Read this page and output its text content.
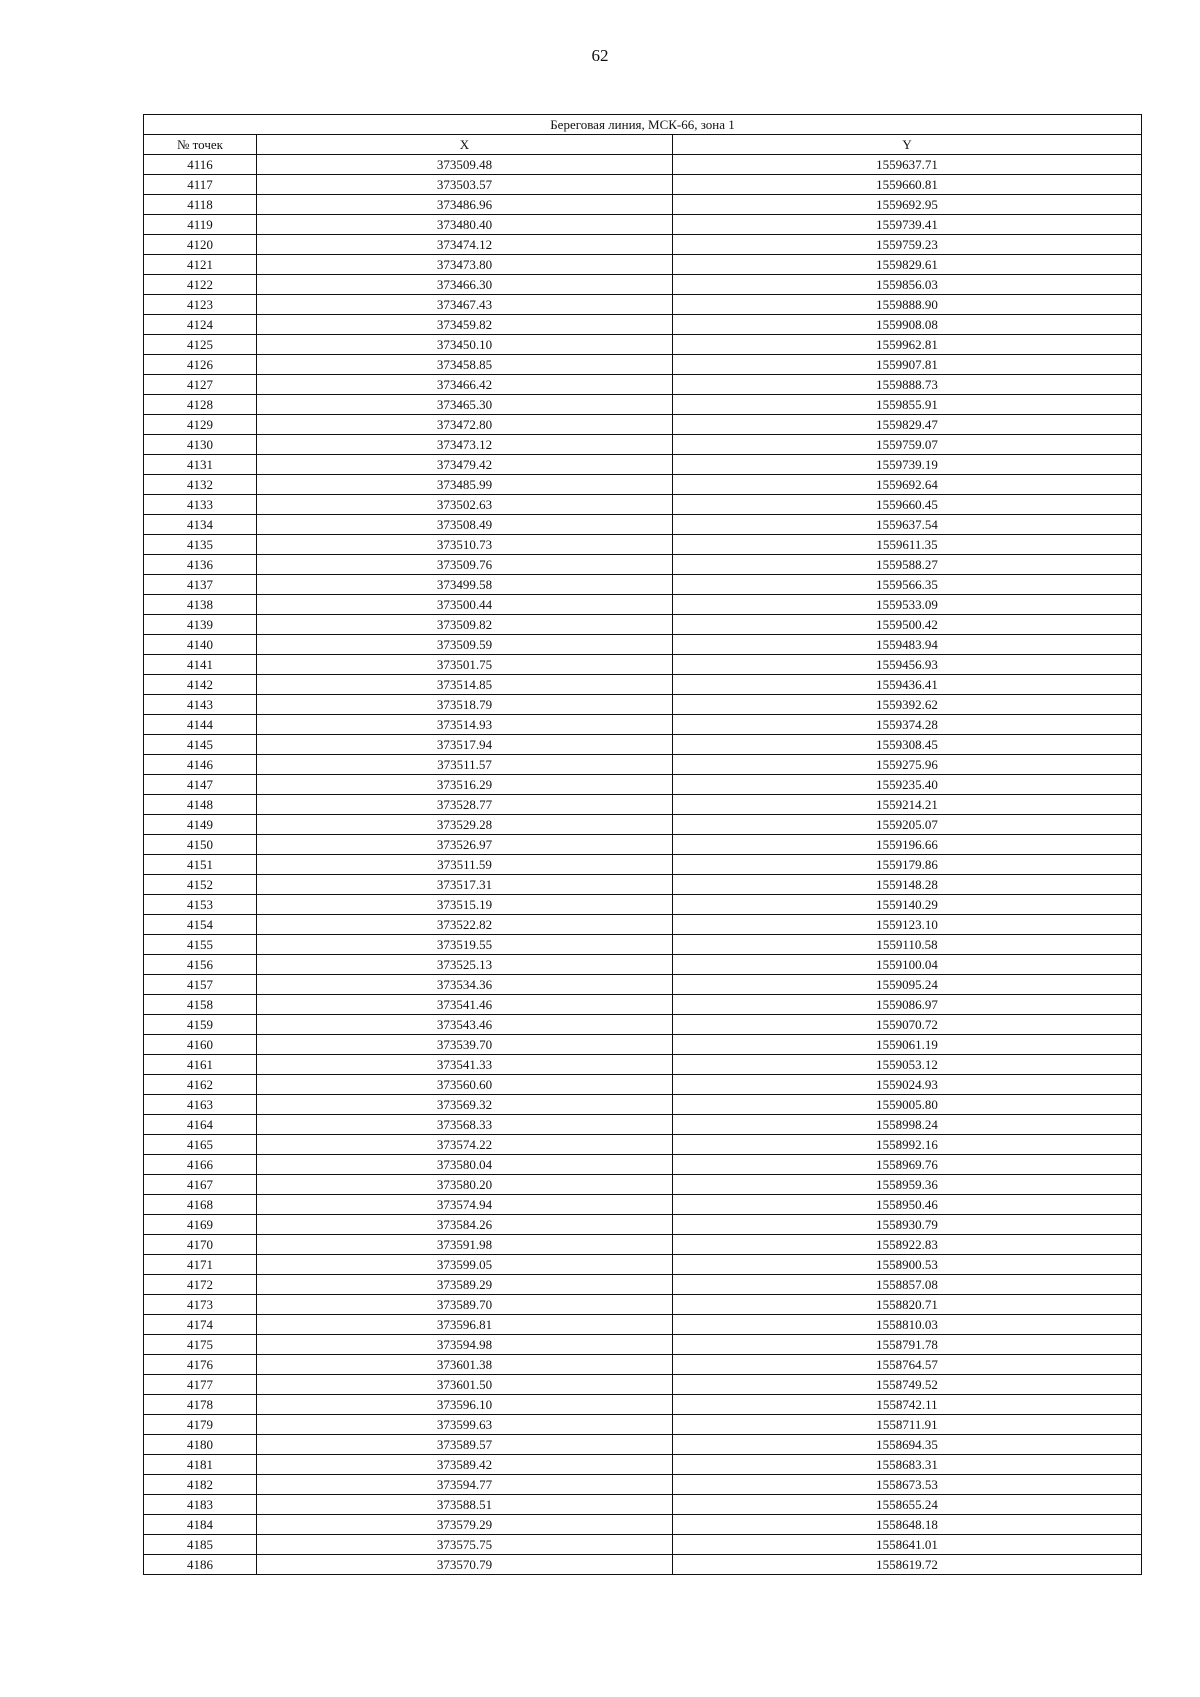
62
Береговая линия, МСК-66, зона 1		
№ точек	X	Y
4116	373509.48	1559637.71
4117	373503.57	1559660.81
4118	373486.96	1559692.95
4119	373480.40	1559739.41
4120	373474.12	1559759.23
4121	373473.80	1559829.61
4122	373466.30	1559856.03
4123	373467.43	1559888.90
4124	373459.82	1559908.08
4125	373450.10	1559962.81
4126	373458.85	1559907.81
4127	373466.42	1559888.73
4128	373465.30	1559855.91
4129	373472.80	1559829.47
4130	373473.12	1559759.07
4131	373479.42	1559739.19
4132	373485.99	1559692.64
4133	373502.63	1559660.45
4134	373508.49	1559637.54
4135	373510.73	1559611.35
4136	373509.76	1559588.27
4137	373499.58	1559566.35
4138	373500.44	1559533.09
4139	373509.82	1559500.42
4140	373509.59	1559483.94
4141	373501.75	1559456.93
4142	373514.85	1559436.41
4143	373518.79	1559392.62
4144	373514.93	1559374.28
4145	373517.94	1559308.45
4146	373511.57	1559275.96
4147	373516.29	1559235.40
4148	373528.77	1559214.21
4149	373529.28	1559205.07
4150	373526.97	1559196.66
4151	373511.59	1559179.86
4152	373517.31	1559148.28
4153	373515.19	1559140.29
4154	373522.82	1559123.10
4155	373519.55	1559110.58
4156	373525.13	1559100.04
4157	373534.36	1559095.24
4158	373541.46	1559086.97
4159	373543.46	1559070.72
4160	373539.70	1559061.19
4161	373541.33	1559053.12
4162	373560.60	1559024.93
4163	373569.32	1559005.80
4164	373568.33	1558998.24
4165	373574.22	1558992.16
4166	373580.04	1558969.76
4167	373580.20	1558959.36
4168	373574.94	1558950.46
4169	373584.26	1558930.79
4170	373591.98	1558922.83
4171	373599.05	1558900.53
4172	373589.29	1558857.08
4173	373589.70	1558820.71
4174	373596.81	1558810.03
4175	373594.98	1558791.78
4176	373601.38	1558764.57
4177	373601.50	1558749.52
4178	373596.10	1558742.11
4179	373599.63	1558711.91
4180	373589.57	1558694.35
4181	373589.42	1558683.31
4182	373594.77	1558673.53
4183	373588.51	1558655.24
4184	373579.29	1558648.18
4185	373575.75	1558641.01
4186	373570.79	1558619.72
